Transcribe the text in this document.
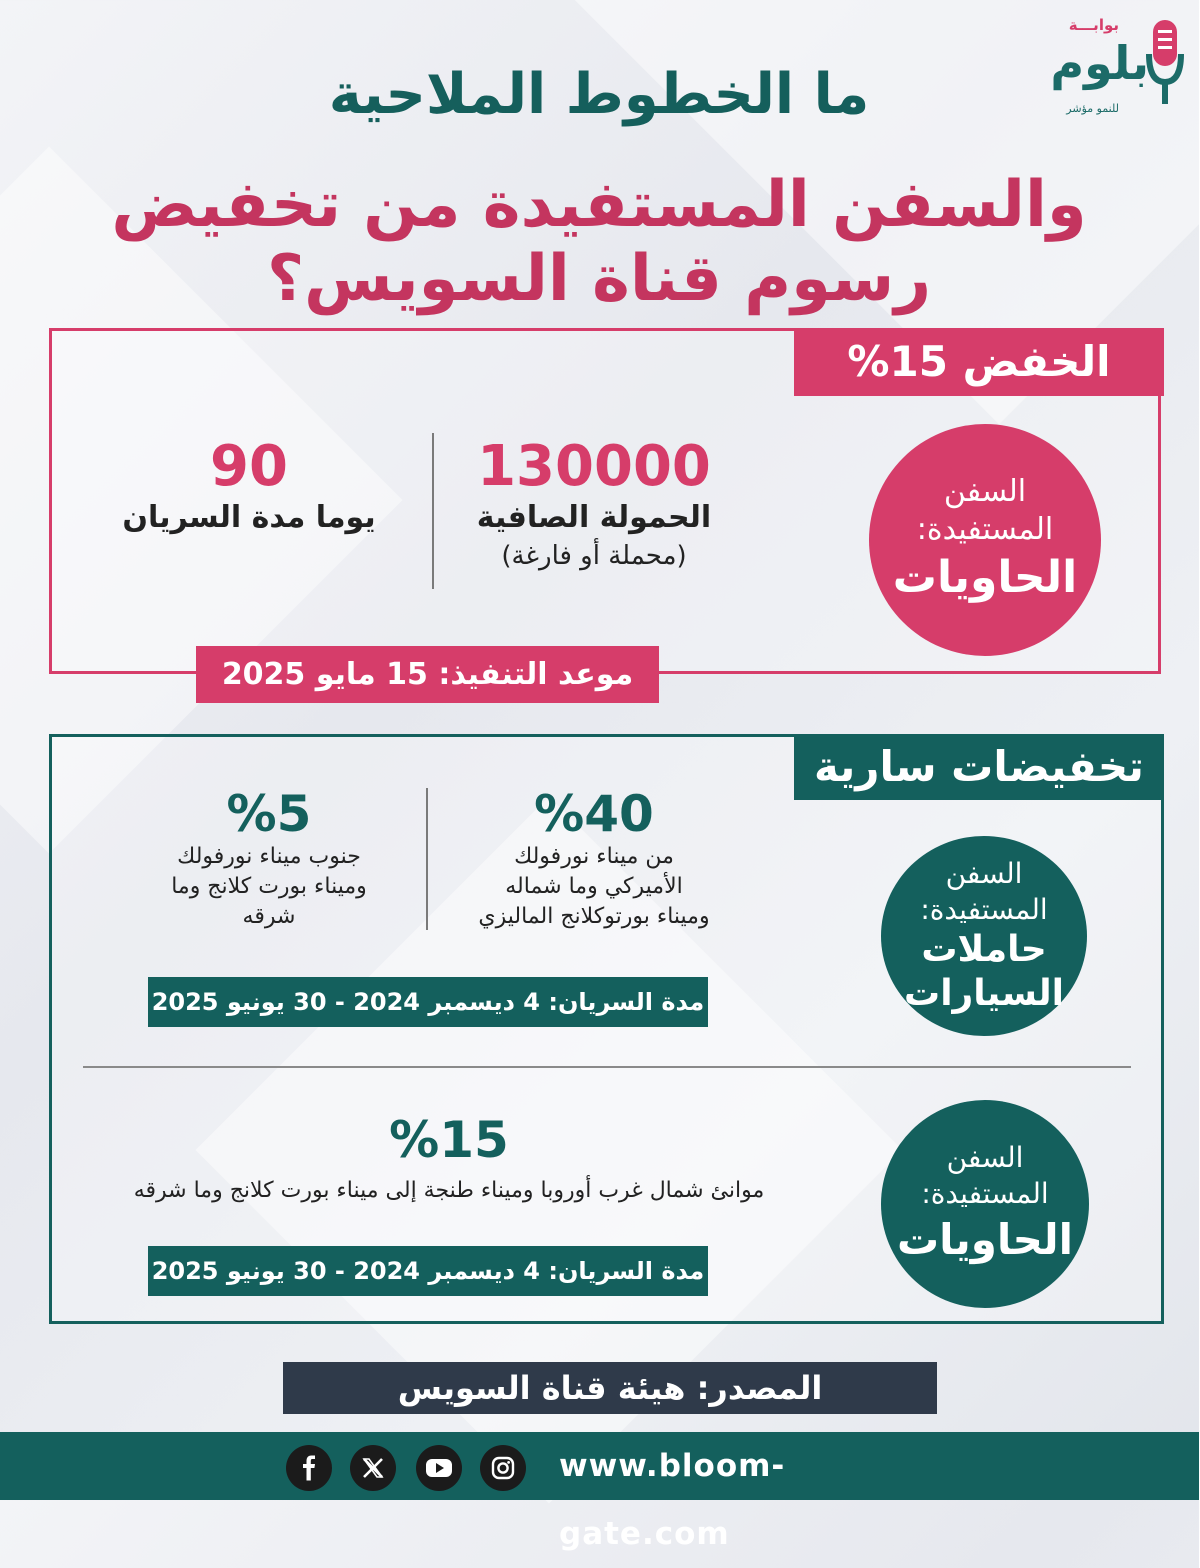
بوابـــة
بلوم
للنمو مؤشر
ما الخطوط الملاحية
والسفن المستفيدة من تخفيض رسوم قناة السويس؟
الخفض 15%
السفن
المستفيدة:
الحاويات
130000
الحمولة الصافية
(محملة أو فارغة)
90
يوما مدة السريان
موعد التنفيذ: 15 مايو 2025
تخفيضات سارية
السفن
المستفيدة:
حاملات
السيارات
%40
من ميناء نورفولك
الأميركي وما شماله
وميناء بورتوكلانج الماليزي
%5
جنوب ميناء نورفولك
وميناء بورت كلانج وما
شرقه
مدة السريان: 4 ديسمبر 2024 - 30 يونيو 2025
السفن
المستفيدة:
الحاويات
%15
موانئ شمال غرب أوروبا وميناء طنجة إلى ميناء بورت كلانج وما شرقه
مدة السريان: 4 ديسمبر 2024 - 30 يونيو 2025
المصدر: هيئة قناة السويس
www.bloom-gate.com
